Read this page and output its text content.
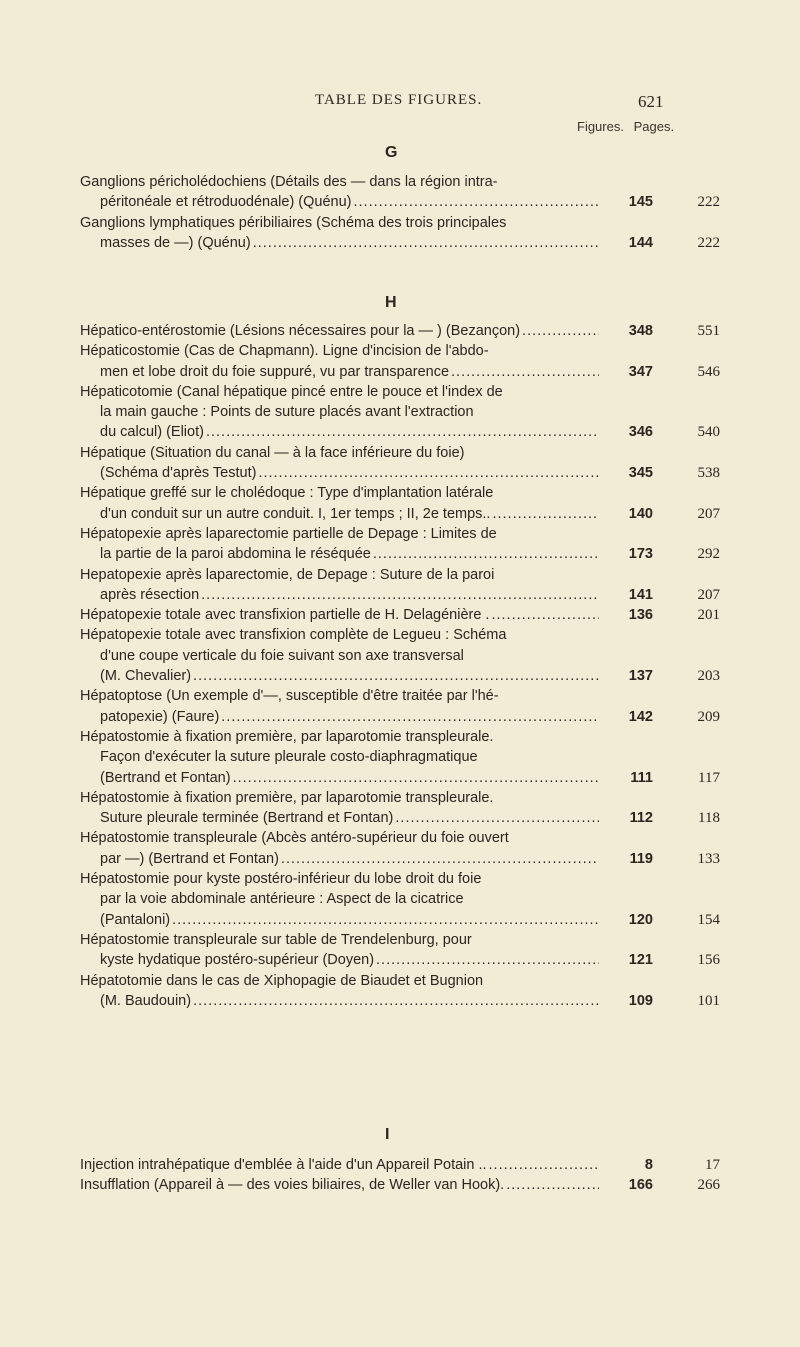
TABLE DES FIGURES.	621
Figures. Pages.
G
H
I
Ganglions péricholédochiens (Détails des — dans la région intra-
péritonéale et rétroduodénale) (Quénu) .....	145	222
Ganglions lymphatiques péribiliaires (Schéma des trois principales
masses de —) (Quénu) .....	144	222
Hépatico-entérostomie (Lésions nécessaires pour la — ) (Bezançon) .....	348	551
Hépaticostomie (Cas de Chapmann). Ligne d'incision de l'abdo-
men et lobe droit du foie suppuré, vu par transparence .....	347	546
Hépaticotomie (Canal hépatique pincé entre le pouce et l'index de
la main gauche : Points de suture placés avant l'extraction
du calcul) (Eliot) .....	346	540
Hépatique (Situation du canal — à la face inférieure du foie)
(Schéma d'après Testut) .....	345	538
Hépatique greffé sur le cholédoque : Type d'implantation latérale
d'un conduit sur un autre conduit. I, 1er temps ; II, 2e temps.. .....	140	207
Hépatopexie après laparectomie partielle de Depage : Limites de
la partie de la paroi abdomina le réséquée .....	173	292
Hepatopexie après laparectomie, de Depage : Suture de la paroi
après résection .....	141	207
Hépatopexie totale avec transfixion partielle de H. Delagénière . .....	136	201
Hépatopexie totale avec transfixion complète de Legueu : Schéma
d'une coupe verticale du foie suivant son axe transversal
(M. Chevalier) .....	137	203
Hépatoptose (Un exemple d'—, susceptible d'être traitée par l'hé-
patopexie) (Faure) .....	142	209
Hépatostomie à fixation première, par laparotomie transpleurale.
Façon d'exécuter la suture pleurale costo-diaphragmatique
(Bertrand et Fontan) .....	111	117
Hépatostomie à fixation première, par laparotomie transpleurale.
Suture pleurale terminée (Bertrand et Fontan) .....	112	118
Hépatostomie transpleurale (Abcès antéro-supérieur du foie ouvert
par —) (Bertrand et Fontan) .....	119	133
Hépatostomie pour kyste postéro-inférieur du lobe droit du foie
par la voie abdominale antérieure : Aspect de la cicatrice
(Pantaloni) .....	120	154
Hépatostomie transpleurale sur table de Trendelenburg, pour
kyste hydatique postéro-supérieur (Doyen) .....	121	156
Hépatotomie dans le cas de Xiphopagie de Biaudet et Bugnion
(M. Baudouin) .....	109	101
Injection intrahépatique d'emblée à l'aide d'un Appareil Potain .. .....	8	17
Insufflation (Appareil à — des voies biliaires, de Weller van Hook). .....	166	266
